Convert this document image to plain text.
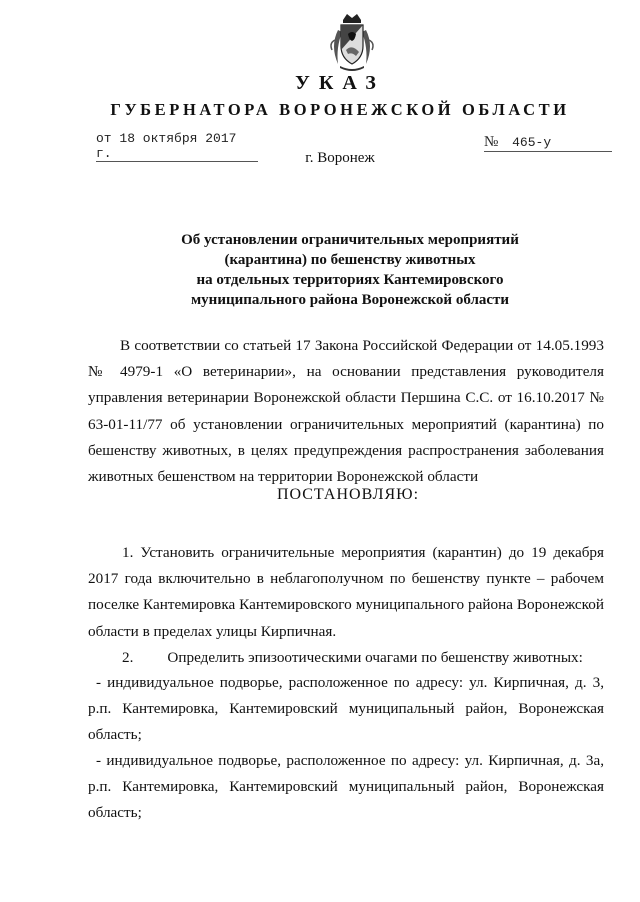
УКАЗ
ГУБЕРНАТОРА ВОРОНЕЖСКОЙ ОБЛАСТИ
от 18 октября 2017 г.
№ 465-у
г. Воронеж
Об установлении ограничительных мероприятий
(карантина) по бешенству животных
на отдельных территориях Кантемировского
муниципального района Воронежской области
В соответствии со статьей 17 Закона Российской Федерации от 14.05.1993 № 4979-1 «О ветеринарии», на основании представления руководителя управления ветеринарии Воронежской области Першина С.С. от 16.10.2017 № 63-01-11/77 об установлении ограничительных мероприятий (карантина) по бешенству животных, в целях предупреждения распространения заболевания животных бешенством на территории Воронежской области
ПОСТАНОВЛЯЮ:
1. Установить ограничительные мероприятия (карантин) до 19 декабря 2017 года включительно в неблагополучном по бешенству пункте – рабочем поселке Кантемировка Кантемировского муниципального района Воронежской области в пределах улицы Кирпичная.
2. Определить эпизоотическими очагами по бешенству животных:
- индивидуальное подворье, расположенное по адресу: ул. Кирпичная, д. 3, р.п. Кантемировка, Кантемировский муниципальный район, Воронежская область;
- индивидуальное подворье, расположенное по адресу: ул. Кирпичная, д. 3а, р.п. Кантемировка, Кантемировский муниципальный район, Воронежская область;
